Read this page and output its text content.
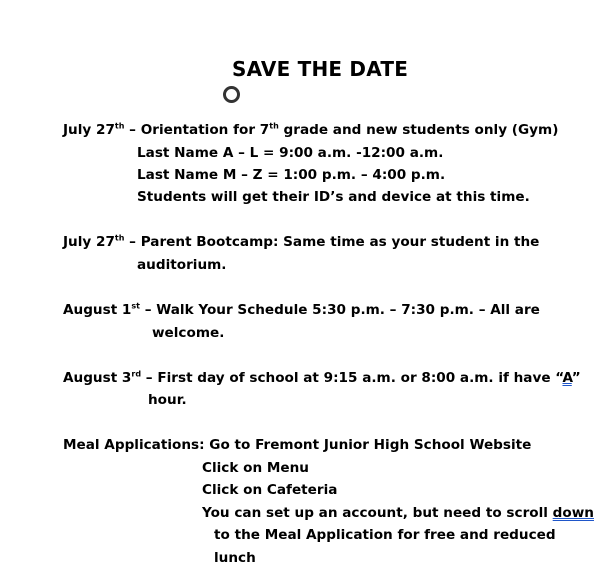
SAVE THE DATE
July 27th – Orientation for 7th grade and new students only (Gym)
Last Name A – L = 9:00 a.m. -12:00 a.m.
Last Name M – Z = 1:00 p.m. – 4:00 p.m.
Students will get their ID’s and device at this time.
July 27th – Parent Bootcamp: Same time as your student in the
auditorium.
August 1st – Walk Your Schedule 5:30 p.m. – 7:30 p.m. – All are
welcome.
August 3rd – First day of school at 9:15 a.m. or 8:00 a.m. if have “A”
hour.
Meal Applications: Go to Fremont Junior High School Website
Click on Menu
Click on Cafeteria
You can set up an account, but need to scroll down
to the Meal Application for free and reduced
lunch
